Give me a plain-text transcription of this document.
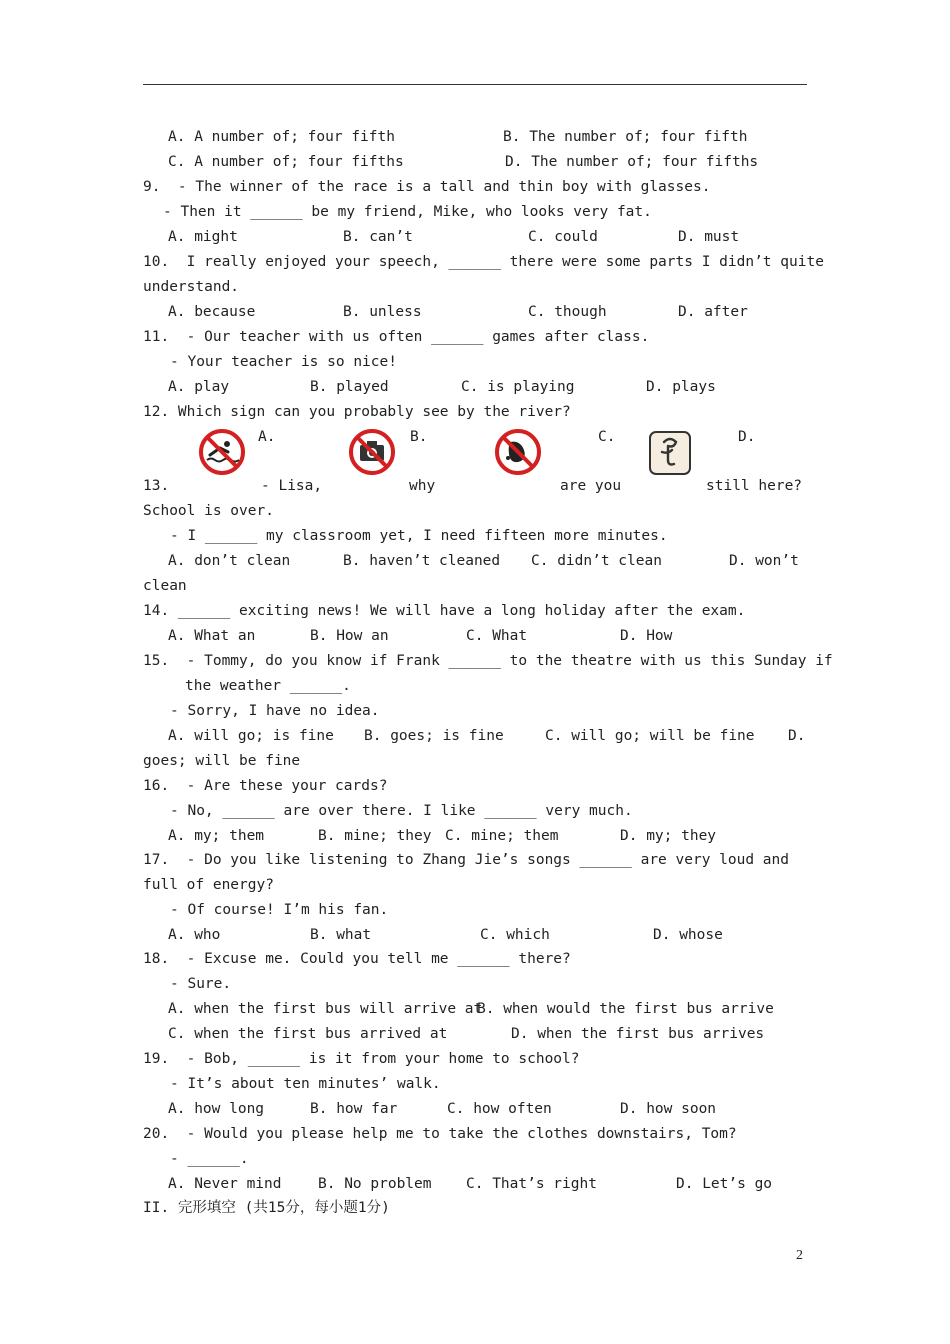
A. A number of; four fifth	B. The number of; four fifth
C. A number of; four fifths	D. The number of; four fifths
9.  - The winner of the race is a tall and thin boy with glasses.
- Then it ______ be my friend, Mike, who looks very fat.
A. might	B. can’t	C. could	D. must
10.  I really enjoyed your speech, ______ there were some parts I didn’t quite
understand.
A. because	B. unless	C. though	D. after
11.  - Our teacher with us often ______ games after class.
- Your teacher is so nice!
A. play	B. played	C. is playing	D. plays
12. Which sign can you probably see by the river?
A.	B.	C.	D.
13.	- Lisa,	why	are you	still here?
School is over.
- I ______ my classroom yet, I need fifteen more minutes.
A. don’t clean	B. haven’t cleaned C. didn’t clean	D. won’t
clean
14. ______ exciting news! We will have a long holiday after the exam.
A. What an	B. How an	C. What	D. How
15.  - Tommy, do you know if Frank ______ to the theatre with us this Sunday if
the weather ______.
- Sorry, I have no idea.
A. will go; is fine B. goes; is fine	C. will go; will be fine D.
goes; will be fine
16.  - Are these your cards?
- No, ______ are over there. I like ______ very much.
A. my; them	B. mine; they C. mine; them	D. my; they
17.  - Do you like listening to Zhang Jie’s songs ______ are very loud and
full of energy?
- Of course! I’m his fan.
A. who	B. what	C. which	D. whose
18.  - Excuse me. Could you tell me ______ there?
- Sure.
A. when the first bus will arrive at
B. when would the first bus arrive
C. when the first bus arrived at	D. when the first bus arrives
19.  - Bob, ______ is it from your home to school?
- It’s about ten minutes’ walk.
A. how long	B. how far	C. how often	D. how soon
20.  - Would you please help me to take the clothes downstairs, Tom?
- ______.
A. Never mind	B. No problem C. That’s right	D. Let’s go
II. 完形填空 (共15分，每小题1分)
2
